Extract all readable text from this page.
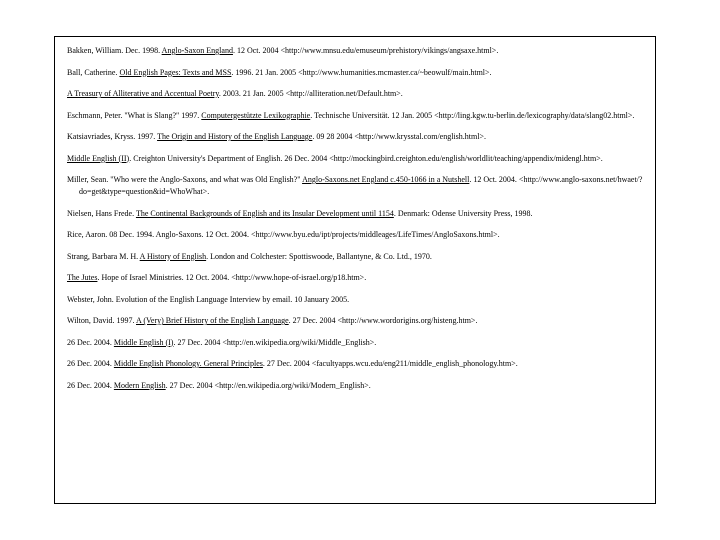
Bakken, William. Dec. 1998. Anglo-Saxon England. 12 Oct. 2004 <http://www.mnsu.edu/emuseum/prehistory/vikings/angsaxe.html>.

Ball, Catherine. Old English Pages: Texts and MSS. 1996. 21 Jan. 2005 <http://www.humanities.mcmaster.ca/~beowulf/main.html>.

A Treasury of Alliterative and Accentual Poetry. 2003. 21 Jan. 2005 <http://alliteration.net/Default.htm>.

Eschmann, Peter. "What is Slang?" 1997. Computergestützte Lexikographie. Technische Universität. 12 Jan. 2005 <http://ling.kgw.tu-berlin.de/lexicography/data/slang02.html>.

Katsiavriades, Kryss. 1997. The Origin and History of the English Language. 09 28 2004 <http://www.krysstal.com/english.html>.

Middle English (II). Creighton University's Department of English. 26 Dec. 2004 <http://mockingbird.creighton.edu/english/worldlit/teaching/appendix/midengl.htm>.

Miller, Sean. "Who were the Anglo-Saxons, and what was Old English?" Anglo-Saxons.net England c.450-1066 in a Nutshell. 12 Oct. 2004. <http://www.anglo-saxons.net/hwaet/?do=get&type=question&id=WhoWhat>.

Nielsen, Hans Frede. The Continental Backgrounds of English and its Insular Development until 1154. Denmark: Odense University Press, 1998.

Rice, Aaron. 08 Dec. 1994. Anglo-Saxons. 12 Oct. 2004. <http://www.byu.edu/ipt/projects/middleages/LifeTimes/AngloSaxons.html>.

Strang, Barbara M. H. A History of English. London and Colchester: Spottiswoode, Ballantyne, & Co. Ltd., 1970.

The Jutes. Hope of Israel Ministries. 12 Oct. 2004. <http://www.hope-of-israel.org/p18.htm>.

Webster, John. Evolution of the English Language Interview by email. 10 January 2005.

Wilton, David. 1997. A (Very) Brief History of the English Language. 27 Dec. 2004 <http://www.wordorigins.org/histeng.htm>.

26 Dec. 2004. Middle English (I). 27 Dec. 2004 <http://en.wikipedia.org/wiki/Middle_English>.

26 Dec. 2004. Middle English Phonology. General Principles. 27 Dec. 2004 <facultyapps.wcu.edu/eng211/middle_english_phonology.htm>.

26 Dec. 2004. Modern English. 27 Dec. 2004 <http://en.wikipedia.org/wiki/Modern_English>.
